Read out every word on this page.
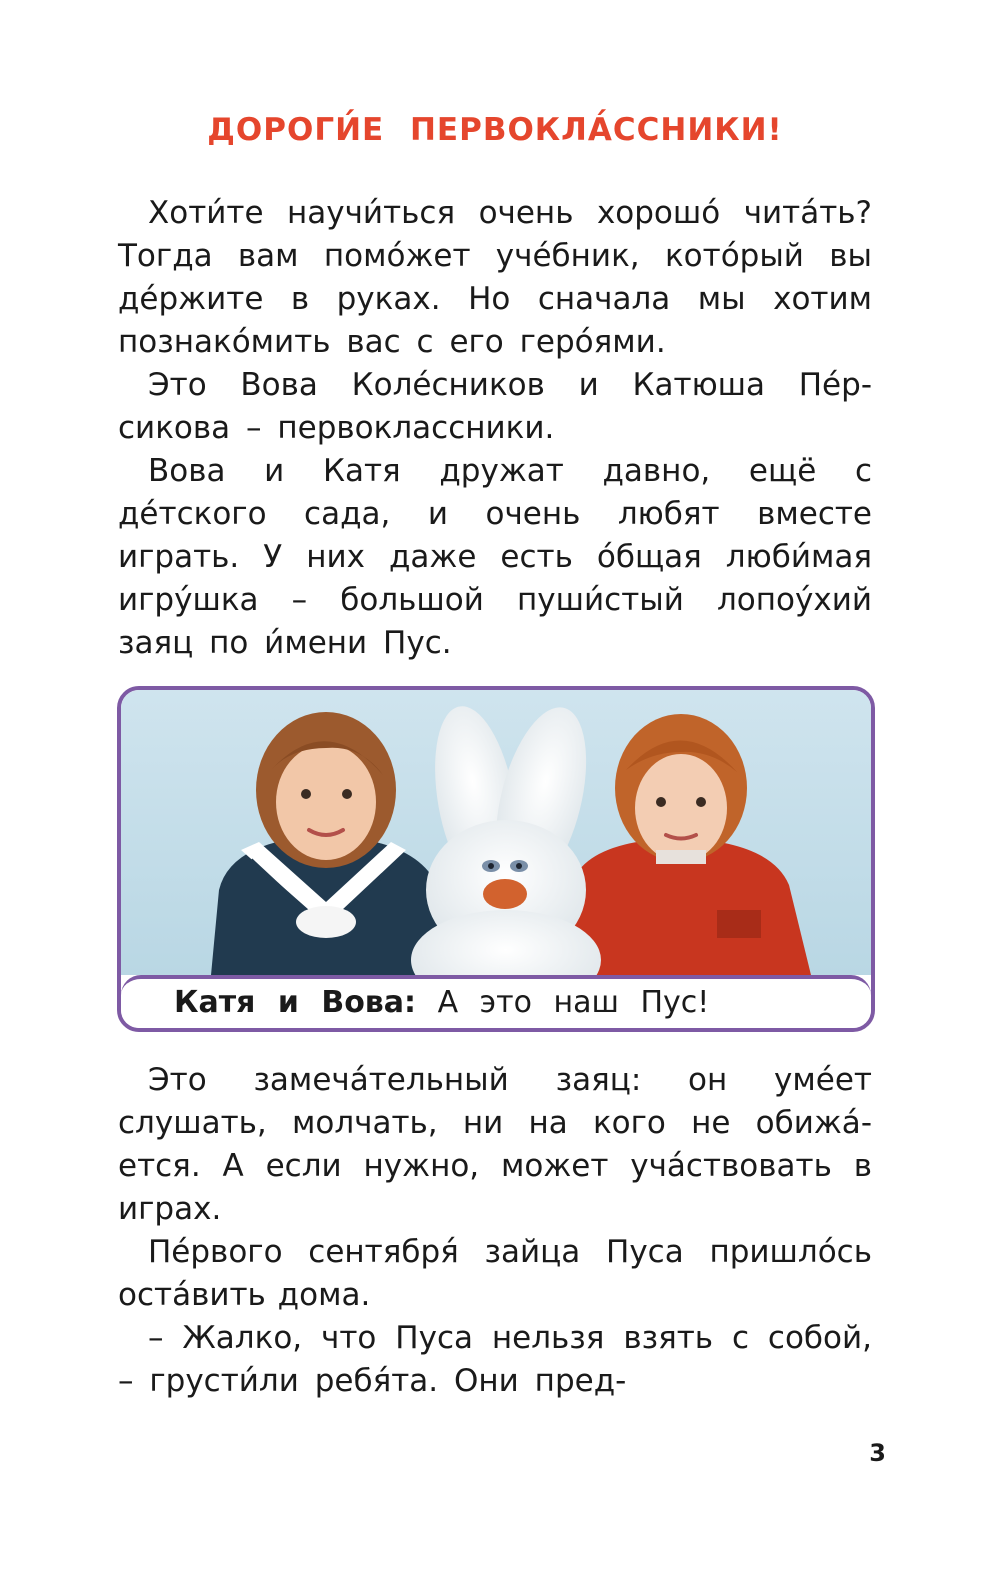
ДОРОГИ́Е ПЕРВОКЛА́ССНИКИ!

Хоти́те научи́ться очень хорошо́ чита́ть? Тогда вам помо́жет уче́бник, кото́рый вы де́ржите в руках. Но сначала мы хотим познако́мить вас с его геро́ями.

Это Вова Коле́сников и Катюша Пе́рсикова – первоклассники.

Вова и Катя дружат давно, ещё с де́тского сада, и очень любят вместе играть. У них даже есть о́бщая люби́мая игру́шка – большой пуши́стый лопоу́хий заяц по и́мени Пус.

Катя и Вова: А это наш Пус!

Это замеча́тельный заяц: он уме́ет слушать, молчать, ни на кого не обижа́ется. А если нужно, может уча́ствовать в играх.

Пе́рвого сентября́ зайца Пуса пришло́сь оста́вить дома.

– Жалко, что Пуса нельзя взять с собой, – грусти́ли ребя́та. Они пред-

3
